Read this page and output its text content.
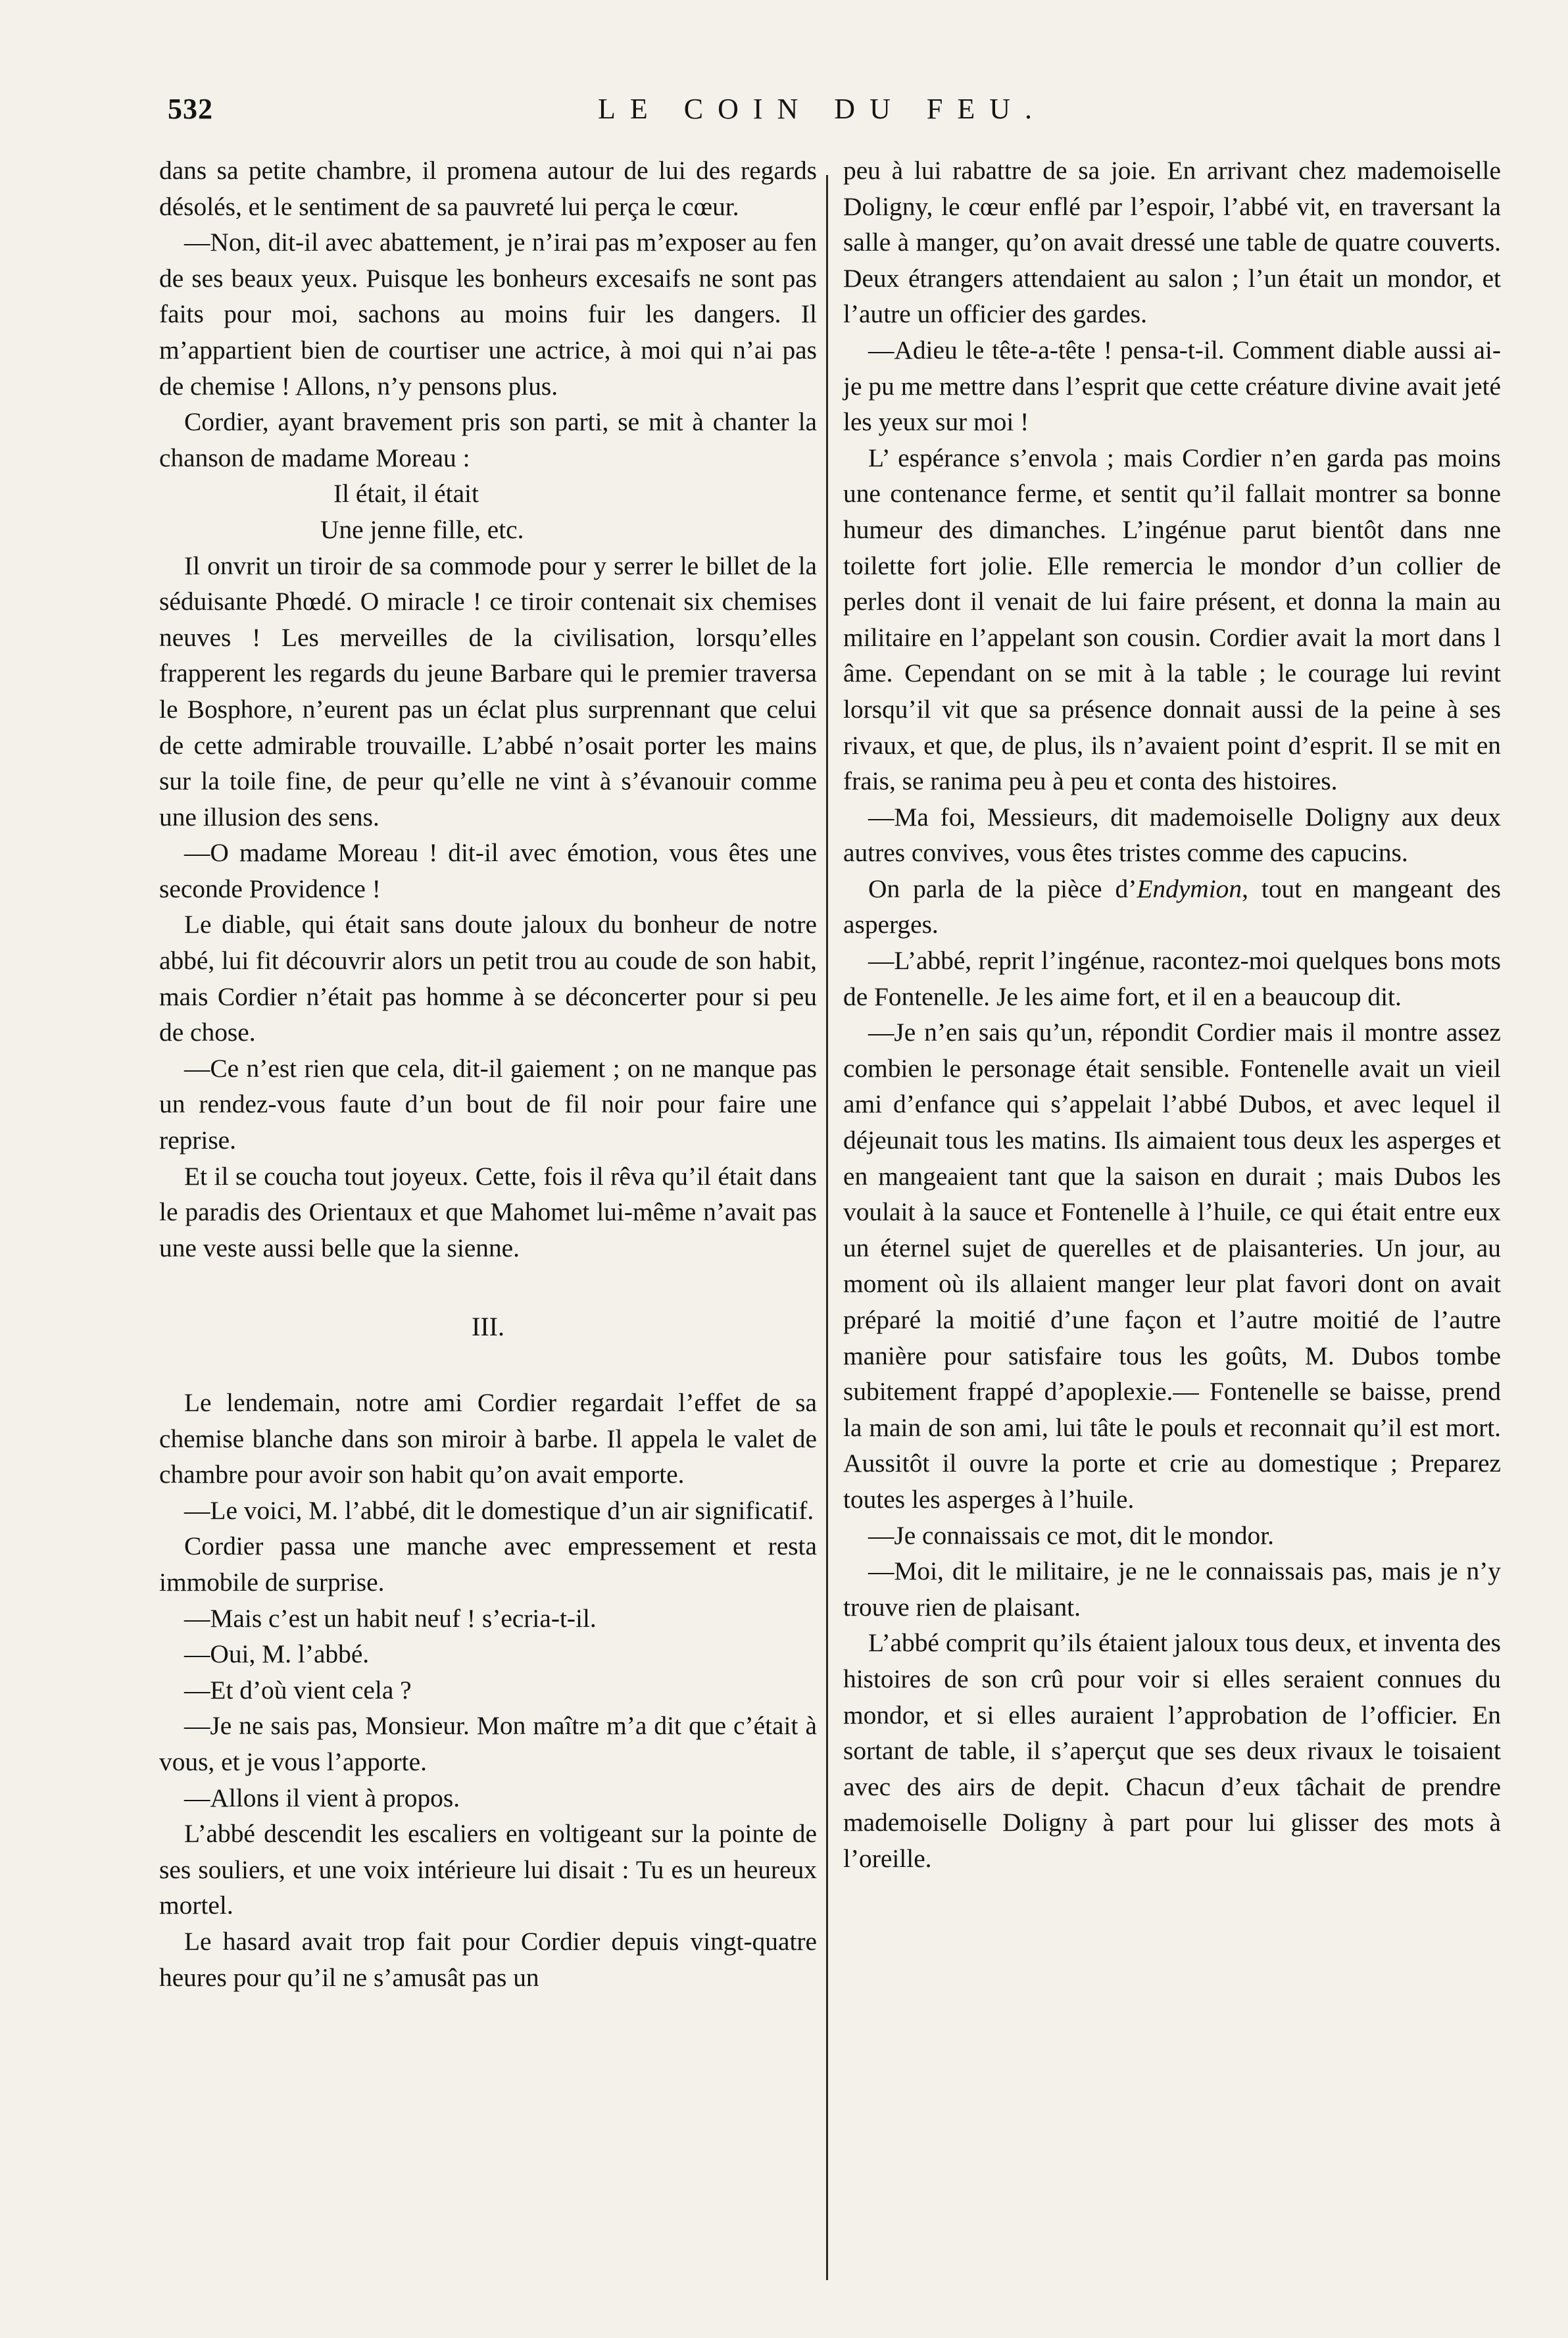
532	LE COIN DU FEU.

dans sa petite chambre, il promena autour de lui des regards désolés, et le sentiment de sa pauvreté lui perça le cœur.

—Non, dit-il avec abattement, je n’irai pas m’exposer au fen de ses beaux yeux. Puisque les bonheurs excesaifs ne sont pas faits pour moi, sachons au moins fuir les dangers. Il m’appartient bien de courtiser une actrice, à moi qui n’ai pas de chemise ! Allons, n’y pensons plus.

Cordier, ayant bravement pris son parti, se mit à chanter la chanson de madame Moreau :

Il était, il était
Une jenne fille, etc.

Il onvrit un tiroir de sa commode pour y serrer le billet de la séduisante Phœdé. O miracle ! ce tiroir contenait six chemises neuves ! Les merveilles de la civilisation, lorsqu’elles frapperent les regards du jeune Barbare qui le premier traversa le Bosphore, n’eurent pas un éclat plus surprennant que celui de cette admirable trouvaille. L’abbé n’osait porter les mains sur la toile fine, de peur qu’elle ne vint à s’évanouir comme une illusion des sens.

—O madame Moreau ! dit-il avec émotion, vous êtes une seconde Providence !

Le diable, qui était sans doute jaloux du bonheur de notre abbé, lui fit découvrir alors un petit trou au coude de son habit, mais Cordier n’était pas homme à se déconcerter pour si peu de chose.

—Ce n’est rien que cela, dit-il gaiement ; on ne manque pas un rendez-vous faute d’un bout de fil noir pour faire une reprise.

Et il se coucha tout joyeux. Cette, fois il rêva qu’il était dans le paradis des Orientaux et que Mahomet lui-même n’avait pas une veste aussi belle que la sienne.

III.

Le lendemain, notre ami Cordier regardait l’effet de sa chemise blanche dans son miroir à barbe. Il appela le valet de chambre pour avoir son habit qu’on avait emporte.

—Le voici, M. l’abbé, dit le domestique d’un air significatif.

Cordier passa une manche avec empressement et resta immobile de surprise.

—Mais c’est un habit neuf ! s’ecria-t-il.

—Oui, M. l’abbé.

—Et d’où vient cela ?

—Je ne sais pas, Monsieur. Mon maître m’a dit que c’était à vous, et je vous l’apporte.

—Allons il vient à propos.

L’abbé descendit les escaliers en voltigeant sur la pointe de ses souliers, et une voix intérieure lui disait : Tu es un heureux mortel.

Le hasard avait trop fait pour Cordier depuis vingt-quatre heures pour qu’il ne s’amusât pas un

peu à lui rabattre de sa joie. En arrivant chez mademoiselle Doligny, le cœur enflé par l’espoir, l’abbé vit, en traversant la salle à manger, qu’on avait dressé une table de quatre couverts. Deux étrangers attendaient au salon ; l’un était un mondor, et l’autre un officier des gardes.

—Adieu le tête-a-tête ! pensa-t-il. Comment diable aussi ai-je pu me mettre dans l’esprit que cette créature divine avait jeté les yeux sur moi !

L’ espérance s’envola ; mais Cordier n’en garda pas moins une contenance ferme, et sentit qu’il fallait montrer sa bonne humeur des dimanches. L’ingénue parut bientôt dans nne toilette fort jolie. Elle remercia le mondor d’un collier de perles dont il venait de lui faire présent, et donna la main au militaire en l’appelant son cousin. Cordier avait la mort dans l âme. Cependant on se mit à la table ; le courage lui revint lorsqu’il vit que sa présence donnait aussi de la peine à ses rivaux, et que, de plus, ils n’avaient point d’esprit. Il se mit en frais, se ranima peu à peu et conta des histoires.

—Ma foi, Messieurs, dit mademoiselle Doligny aux deux autres convives, vous êtes tristes comme des capucins.

On parla de la pièce d’Endymion, tout en mangeant des asperges.

—L’abbé, reprit l’ingénue, racontez-moi quelques bons mots de Fontenelle. Je les aime fort, et il en a beaucoup dit.

—Je n’en sais qu’un, répondit Cordier mais il montre assez combien le personage était sensible. Fontenelle avait un vieil ami d’enfance qui s’appelait l’abbé Dubos, et avec lequel il déjeunait tous les matins. Ils aimaient tous deux les asperges et en mangeaient tant que la saison en durait ; mais Dubos les voulait à la sauce et Fontenelle à l’huile, ce qui était entre eux un éternel sujet de querelles et de plaisanteries. Un jour, au moment où ils allaient manger leur plat favori dont on avait préparé la moitié d’une façon et l’autre moitié de l’autre manière pour satisfaire tous les goûts, M. Dubos tombe subitement frappé d’apoplexie.— Fontenelle se baisse, prend la main de son ami, lui tâte le pouls et reconnait qu’il est mort. Aussitôt il ouvre la porte et crie au domestique ; Preparez toutes les asperges à l’huile.

—Je connaissais ce mot, dit le mondor.

—Moi, dit le militaire, je ne le connaissais pas, mais je n’y trouve rien de plaisant.

L’abbé comprit qu’ils étaient jaloux tous deux, et inventa des histoires de son crû pour voir si elles seraient connues du mondor, et si elles auraient l’approbation de l’officier. En sortant de table, il s’aperçut que ses deux rivaux le toisaient avec des airs de depit. Chacun d’eux tâchait de prendre mademoiselle Doligny à part pour lui glisser des mots à l’oreille.
